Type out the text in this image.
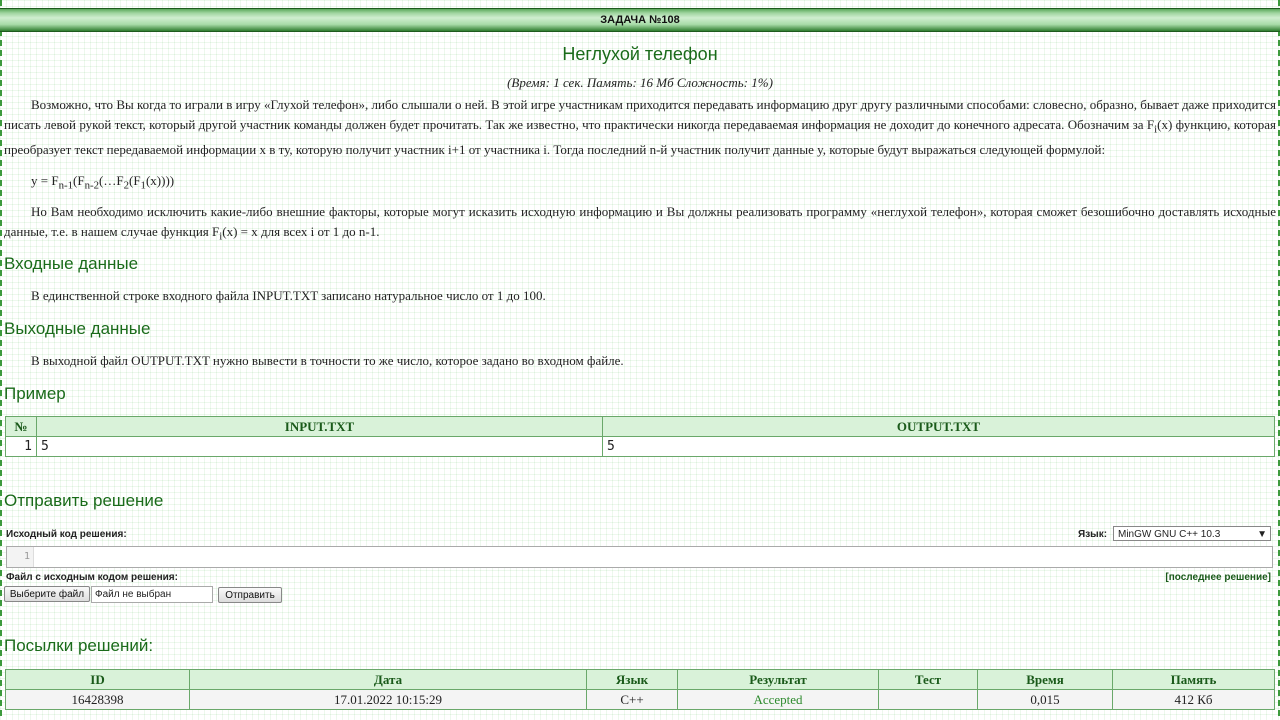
ЗАДАЧА №108
Неглухой телефон
(Время: 1 сек. Память: 16 Мб Сложность: 1%)
Возможно, что Вы когда то играли в игру «Глухой телефон», либо слышали о ней. В этой игре участникам приходится передавать информацию друг другу различными способами: словесно, образно, бывает даже приходится писать левой рукой текст, который другой участник команды должен будет прочитать. Так же известно, что практически никогда передаваемая информация не доходит до конечного адресата. Обозначим за $F_i(x)$ функцию, которая преобразует текст передаваемой информации x в ту, которую получит участник i+1 от участника i. Тогда последний n-й участник получит данные y, которые будут выражаться следующей формулой:
$y = F_{n-1}(F_{n-2}(\dots F_2(F_1(x))))$
Но Вам необходимо исключить какие-либо внешние факторы, которые могут исказить исходную информацию и Вы должны реализовать программу «неглухой телефон», которая сможет безошибочно доставлять исходные данные, т.е. в нашем случае функция $F_i(x) = x$ для всех i от 1 до n-1.
Входные данные
В единственной строке входного файла INPUT.TXT записано натуральное число от 1 до 100.
Выходные данные
В выходной файл OUTPUT.TXT нужно вывести в точности то же число, которое задано во входном файле.
Пример
№	INPUT.TXT	OUTPUT.TXT
1	5	5
Отправить решение
Исходный код решения:	Язык:	MinGW GNU C++ 10.3	▼
1
Файл с исходным кодом решения:	[последнее решение]
Выберите файл	Файл не выбран	Отправить
Посылки решений:
ID	Дата	Язык	Результат	Тест	Время	Память
16428398	17.01.2022 10:15:29	C++	Accepted		0,015	412 Кб
